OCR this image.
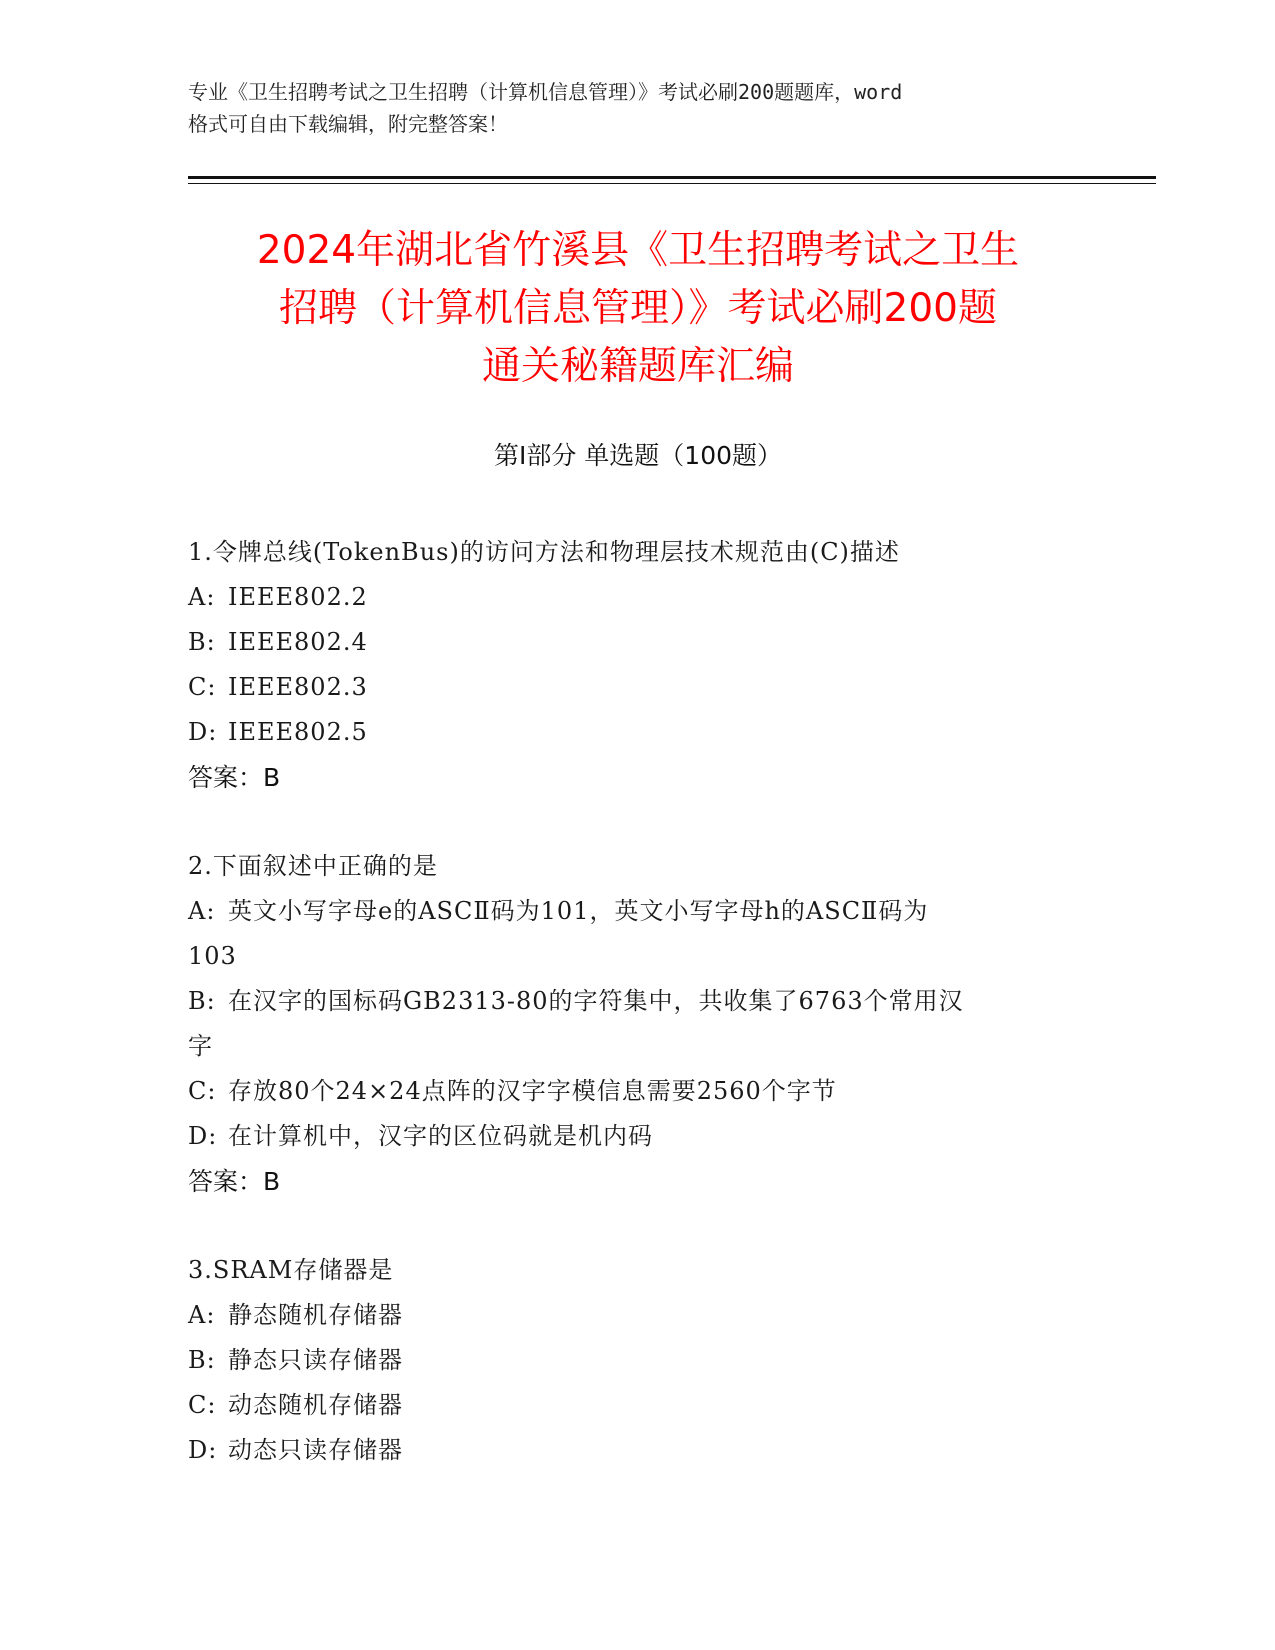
专业《卫生招聘考试之卫生招聘（计算机信息管理）》考试必刷200题题库，word
格式可自由下载编辑，附完整答案！
2024年湖北省竹溪县《卫生招聘考试之卫生
招聘（计算机信息管理）》考试必刷200题
通关秘籍题库汇编
第Ⅰ部分 单选题（100题）
1.令牌总线(TokenBus)的访问方法和物理层技术规范由(C)描述
A: IEEE802.2
B: IEEE802.4
C: IEEE802.3
D: IEEE802.5
答案：B
2.下面叙述中正确的是
A: 英文小写字母e的ASCⅡ码为101，英文小写字母h的ASCⅡ码为
103
B: 在汉字的国标码GB2313-80的字符集中，共收集了6763个常用汉
字
C: 存放80个24×24点阵的汉字字模信息需要2560个字节
D: 在计算机中，汉字的区位码就是机内码
答案：B
3.SRAM存储器是
A: 静态随机存储器
B: 静态只读存储器
C: 动态随机存储器
D: 动态只读存储器
